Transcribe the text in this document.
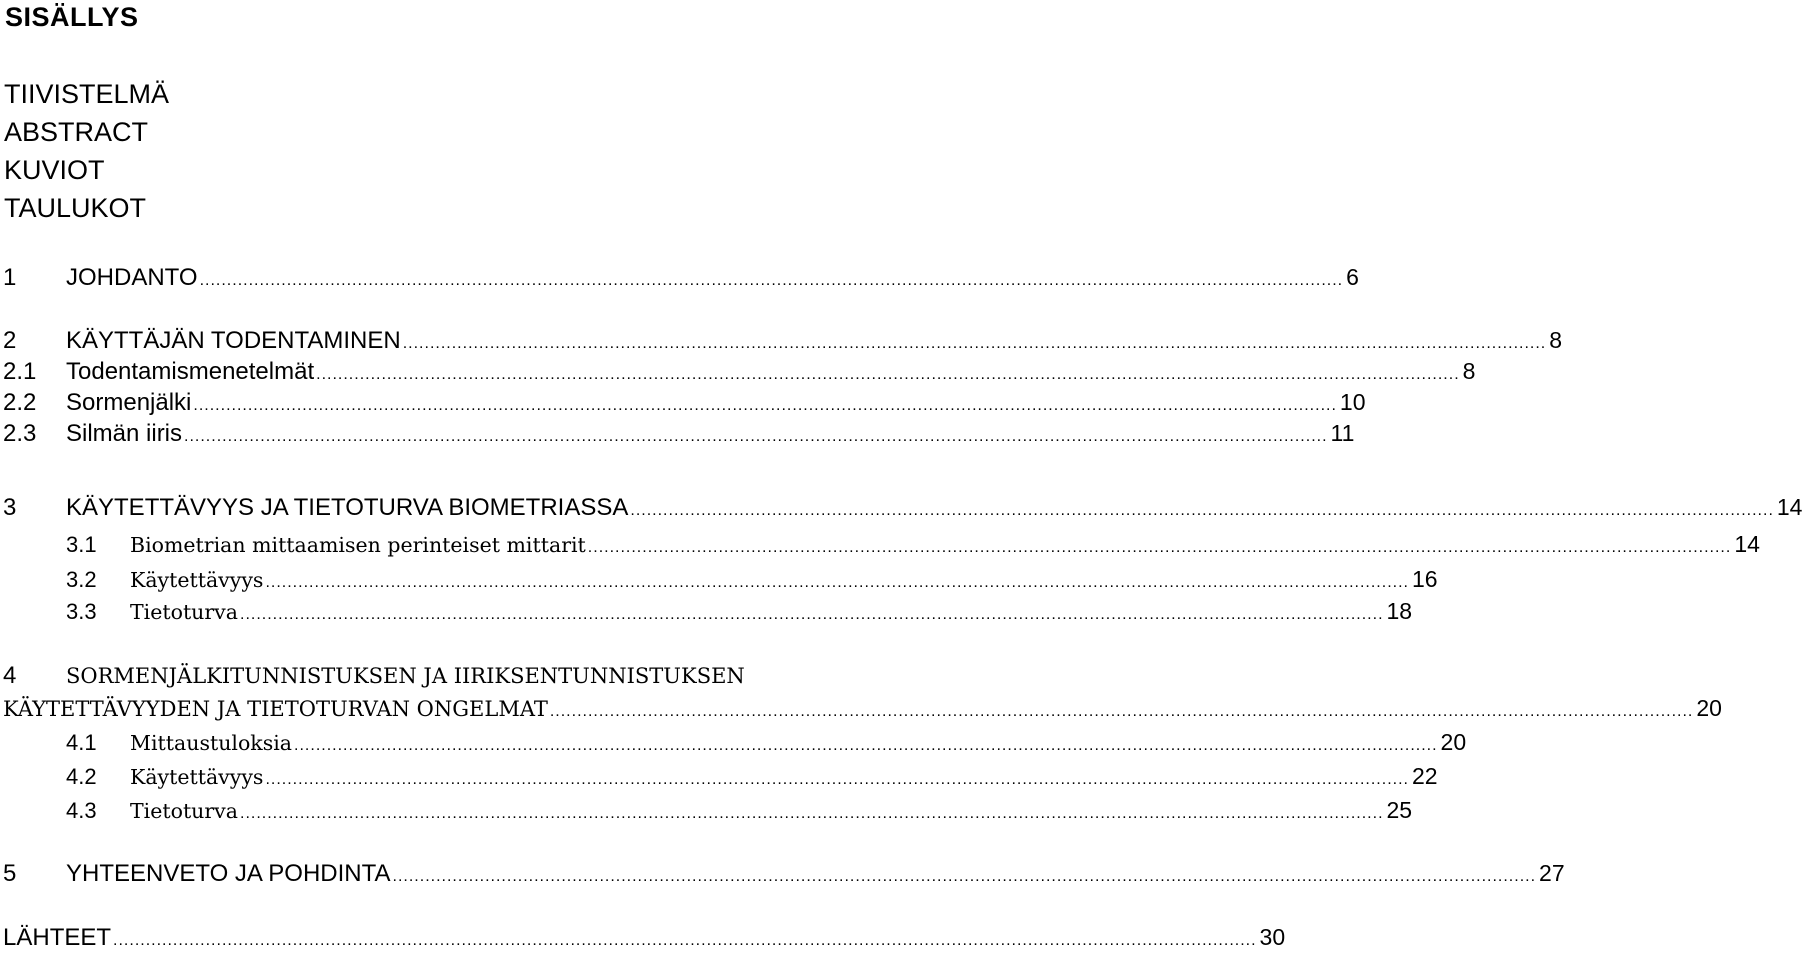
SISÄLLYS
TIIVISTELMÄ
ABSTRACT
KUVIOT
TAULUKOT
1	JOHDANTO .....	6
2	KÄYTTÄJÄN TODENTAMINEN .....	8
2.1	Todentamismenetelmät .....	8
2.2	Sormenjälki .....	10
2.3	Silmän iiris .....	11
3	KÄYTETTÄVYYS JA TIETOTURVA BIOMETRIASSA .....	14
3.1	Biometrian mittaamisen perinteiset mittarit .....	14
3.2	Käytettävyys .....	16
3.3	Tietoturva .....	18
4 SORMENJÄLKITUNNISTUKSEN JA IIRIKSENTUNNISTUKSEN
KÄYTETTÄVYYDEN JA TIETOTURVAN ONGELMAT .....	20
4.1	Mittaustuloksia .....	20
4.2	Käytettävyys .....	22
4.3	Tietoturva .....	25
5	YHTEENVETO JA POHDINTA .....	27
LÄHTEET .....	30
